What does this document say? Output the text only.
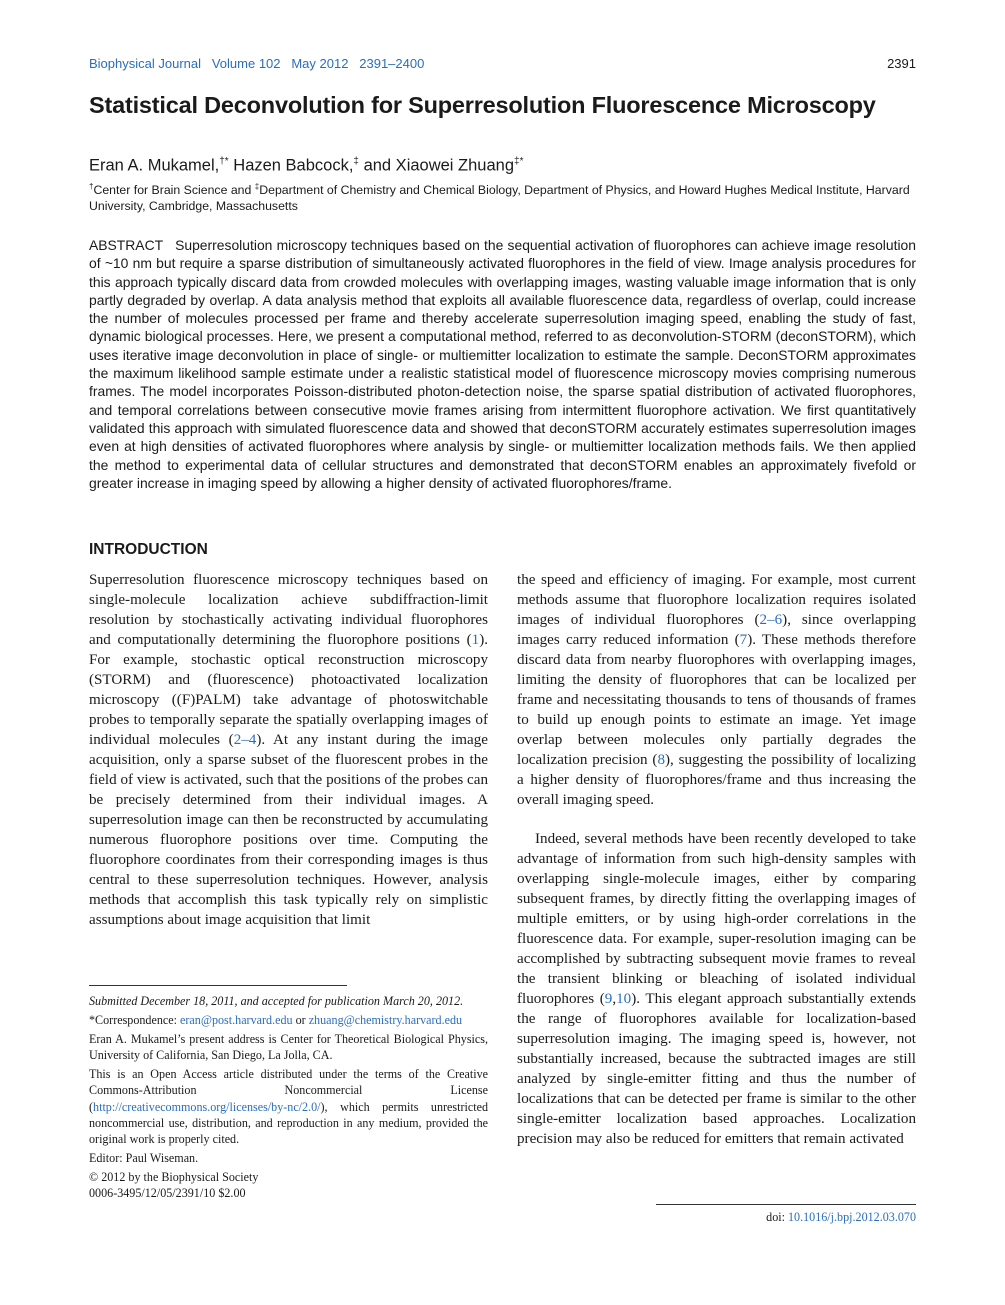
Biophysical Journal   Volume 102   May 2012   2391–2400	2391
Statistical Deconvolution for Superresolution Fluorescence Microscopy
Eran A. Mukamel,†* Hazen Babcock,‡ and Xiaowei Zhuang‡*
†Center for Brain Science and ‡Department of Chemistry and Chemical Biology, Department of Physics, and Howard Hughes Medical Institute, Harvard University, Cambridge, Massachusetts

ABSTRACT Superresolution microscopy techniques based on the sequential activation of fluorophores can achieve image resolution of ~10 nm but require a sparse distribution of simultaneously activated fluorophores in the field of view. Image analysis procedures for this approach typically discard data from crowded molecules with overlapping images, wasting valuable image information that is only partly degraded by overlap. A data analysis method that exploits all available fluorescence data, regardless of overlap, could increase the number of molecules processed per frame and thereby accelerate superresolution imaging speed, enabling the study of fast, dynamic biological processes. Here, we present a computational method, referred to as deconvolution-STORM (deconSTORM), which uses iterative image deconvolution in place of single- or multiemitter localization to estimate the sample. DeconSTORM approximates the maximum likelihood sample estimate under a realistic statistical model of fluorescence microscopy movies comprising numerous frames. The model incorporates Poisson-distributed photon-detection noise, the sparse spatial distribution of activated fluorophores, and temporal correlations between consecutive movie frames arising from intermittent fluorophore activation. We first quantitatively validated this approach with simulated fluorescence data and showed that deconSTORM accurately estimates superresolution images even at high densities of activated fluorophores where analysis by single- or multiemitter localization methods fails. We then applied the method to experimental data of cellular structures and demonstrated that deconSTORM enables an approximately fivefold or greater increase in imaging speed by allowing a higher density of activated fluorophores/frame.

INTRODUCTION

Superresolution fluorescence microscopy techniques based on single-molecule localization achieve subdiffraction-limit resolution by stochastically activating individual fluorophores and computationally determining the fluorophore positions (1). For example, stochastic optical reconstruction microscopy (STORM) and (fluorescence) photoactivated localization microscopy ((F)PALM) take advantage of photoswitchable probes to temporally separate the spatially overlapping images of individual molecules (2–4). At any instant during the image acquisition, only a sparse subset of the fluorescent probes in the field of view is activated, such that the positions of the probes can be precisely determined from their individual images. A superresolution image can then be reconstructed by accumulating numerous fluorophore positions over time. Computing the fluorophore coordinates from their corresponding images is thus central to these superresolution techniques. However, analysis methods that accomplish this task typically rely on simplistic assumptions about image acquisition that limit

the speed and efficiency of imaging. For example, most current methods assume that fluorophore localization requires isolated images of individual fluorophores (2–6), since overlapping images carry reduced information (7). These methods therefore discard data from nearby fluorophores with overlapping images, limiting the density of fluorophores that can be localized per frame and necessitating thousands to tens of thousands of frames to build up enough points to estimate an image. Yet image overlap between molecules only partially degrades the localization precision (8), suggesting the possibility of localizing a higher density of fluorophores/frame and thus increasing the overall imaging speed.

Indeed, several methods have been recently developed to take advantage of information from such high-density samples with overlapping single-molecule images, either by comparing subsequent frames, by directly fitting the overlapping images of multiple emitters, or by using high-order correlations in the fluorescence data. For example, super-resolution imaging can be accomplished by subtracting subsequent movie frames to reveal the transient blinking or bleaching of isolated individual fluorophores (9,10). This elegant approach substantially extends the range of fluorophores available for localization-based superresolution imaging. The imaging speed is, however, not substantially increased, because the subtracted images are still analyzed by single-emitter fitting and thus the number of localizations that can be detected per frame is similar to the other single-emitter localization based approaches. Localization precision may also be reduced for emitters that remain activated

Submitted December 18, 2011, and accepted for publication March 20, 2012.

*Correspondence: eran@post.harvard.edu or zhuang@chemistry.harvard.edu

Eran A. Mukamel’s present address is Center for Theoretical Biological Physics, University of California, San Diego, La Jolla, CA.

This is an Open Access article distributed under the terms of the Creative Commons-Attribution Noncommercial License (http://creativecommons.org/licenses/by-nc/2.0/), which permits unrestricted noncommercial use, distribution, and reproduction in any medium, provided the original work is properly cited.

Editor: Paul Wiseman.

© 2012 by the Biophysical Society

0006-3495/12/05/2391/10 $2.00

doi: 10.1016/j.bpj.2012.03.070
